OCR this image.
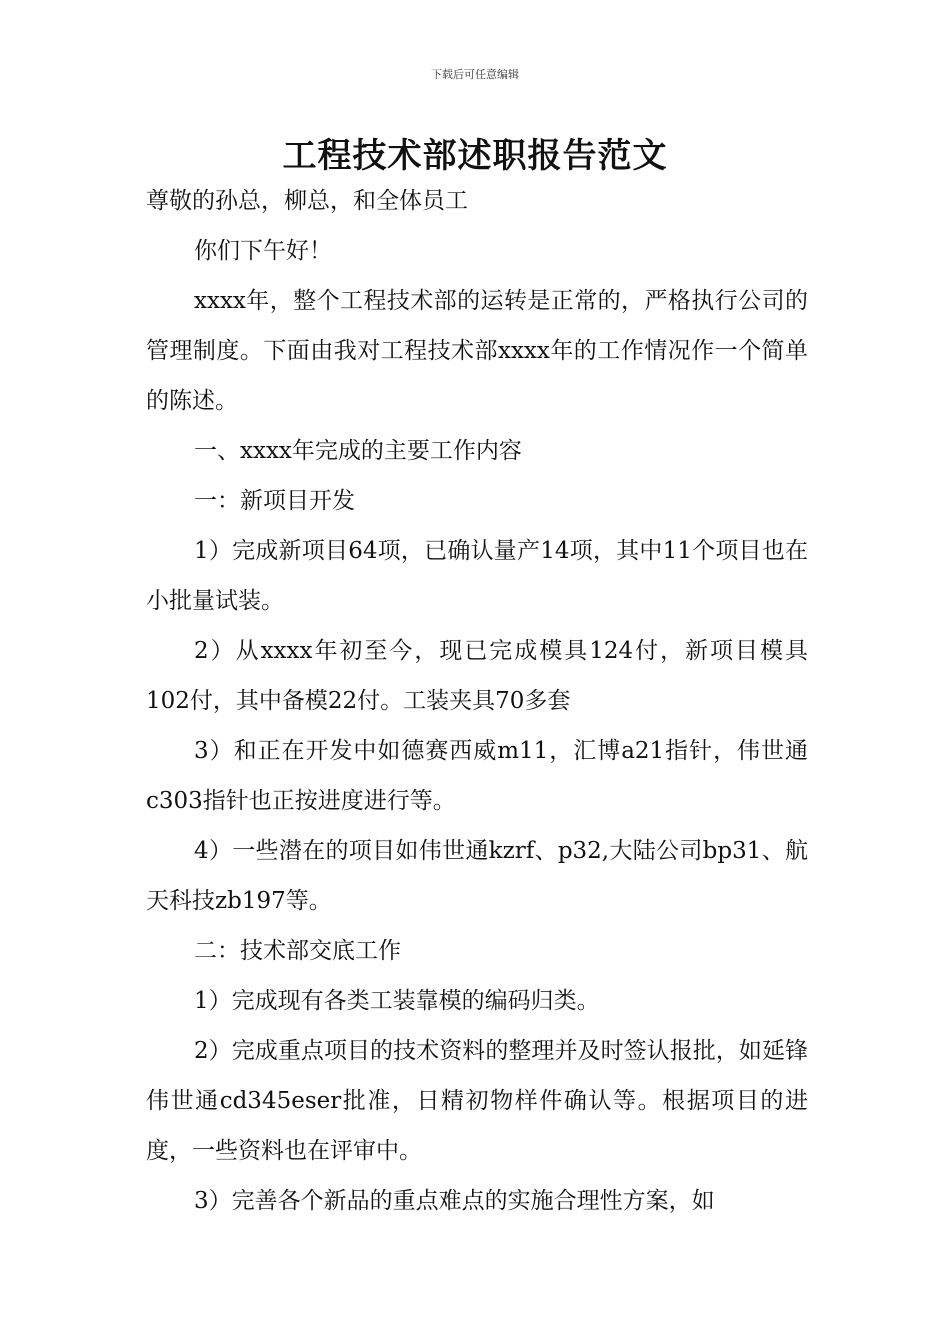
下载后可任意编辑
工程技术部述职报告范文

尊敬的孙总，柳总，和全体员工

你们下午好！

xxxx年，整个工程技术部的运转是正常的，严格执行公司的管理制度。下面由我对工程技术部xxxx年的工作情况作一个简单的陈述。

一、xxxx年完成的主要工作内容

一：新项目开发

1）完成新项目64项，已确认量产14项，其中11个项目也在小批量试装。

2）从xxxx年初至今，现已完成模具124付，新项目模具102付，其中备模22付。工装夹具70多套

3）和正在开发中如德赛西威m11，汇博a21指针，伟世通c303指针也正按进度进行等。

4）一些潜在的项目如伟世通kzrf、p32,大陆公司bp31、航天科技zb197等。

二：技术部交底工作

1）完成现有各类工装靠模的编码归类。

2）完成重点项目的技术资料的整理并及时签认报批，如延锋伟世通cd345eser批准，日精初物样件确认等。根据项目的进度，一些资料也在评审中。

3）完善各个新品的重点难点的实施合理性方案，如
